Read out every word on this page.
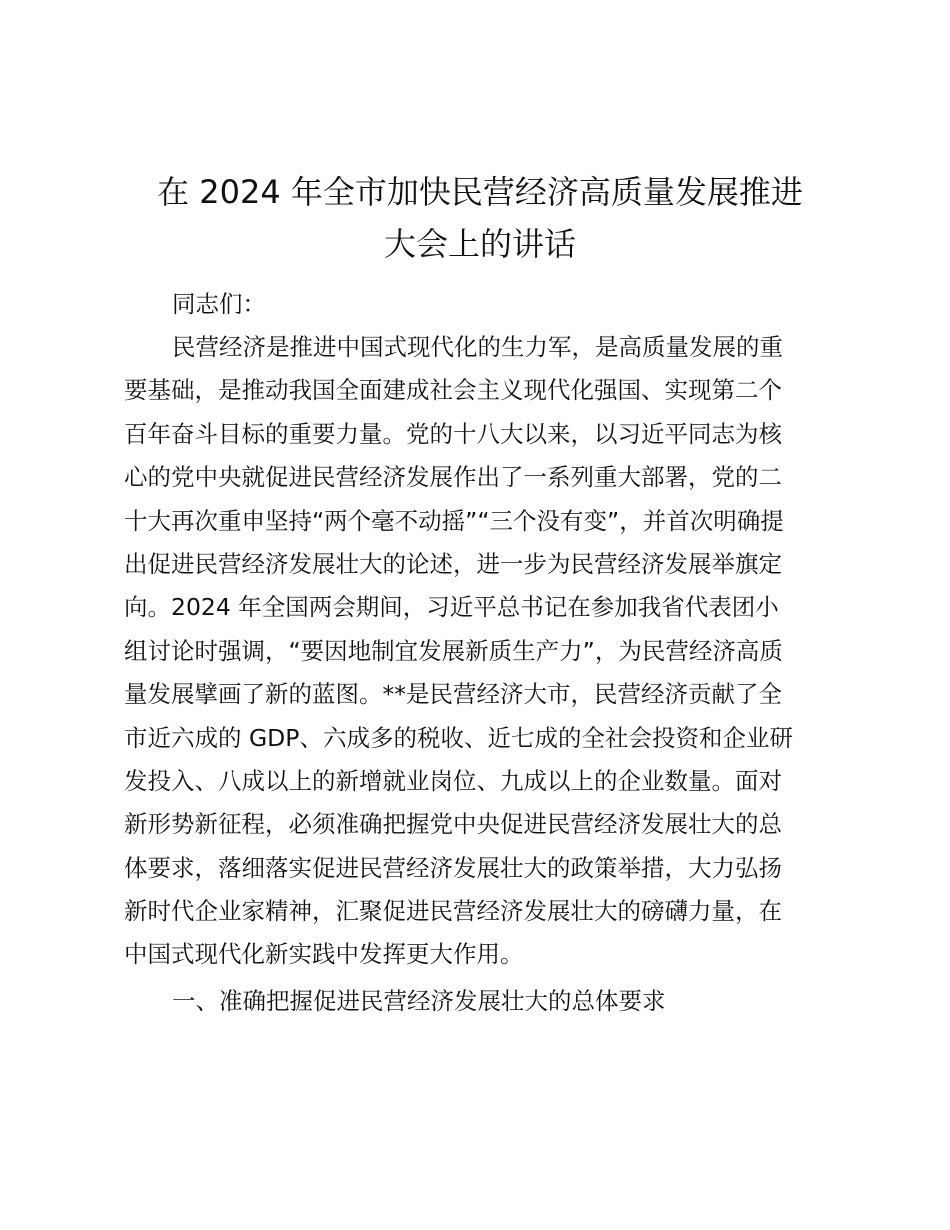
在 2024 年全市加快民营经济高质量发展推进
大会上的讲话
同志们：
民营经济是推进中国式现代化的生力军，是高质量发展的重
要基础，是推动我国全面建成社会主义现代化强国、实现第二个
百年奋斗目标的重要力量。党的十八大以来，以习近平同志为核
心的党中央就促进民营经济发展作出了一系列重大部署，党的二
十大再次重申坚持“两个毫不动摇”“三个没有变”，并首次明确提
出促进民营经济发展壮大的论述，进一步为民营经济发展举旗定
向。2024 年全国两会期间，习近平总书记在参加我省代表团小
组讨论时强调，“要因地制宜发展新质生产力”，为民营经济高质
量发展擘画了新的蓝图。**是民营经济大市，民营经济贡献了全
市近六成的 GDP、六成多的税收、近七成的全社会投资和企业研
发投入、八成以上的新增就业岗位、九成以上的企业数量。面对
新形势新征程，必须准确把握党中央促进民营经济发展壮大的总
体要求，落细落实促进民营经济发展壮大的政策举措，大力弘扬
新时代企业家精神，汇聚促进民营经济发展壮大的磅礴力量，在
中国式现代化新实践中发挥更大作用。
一、准确把握促进民营经济发展壮大的总体要求
